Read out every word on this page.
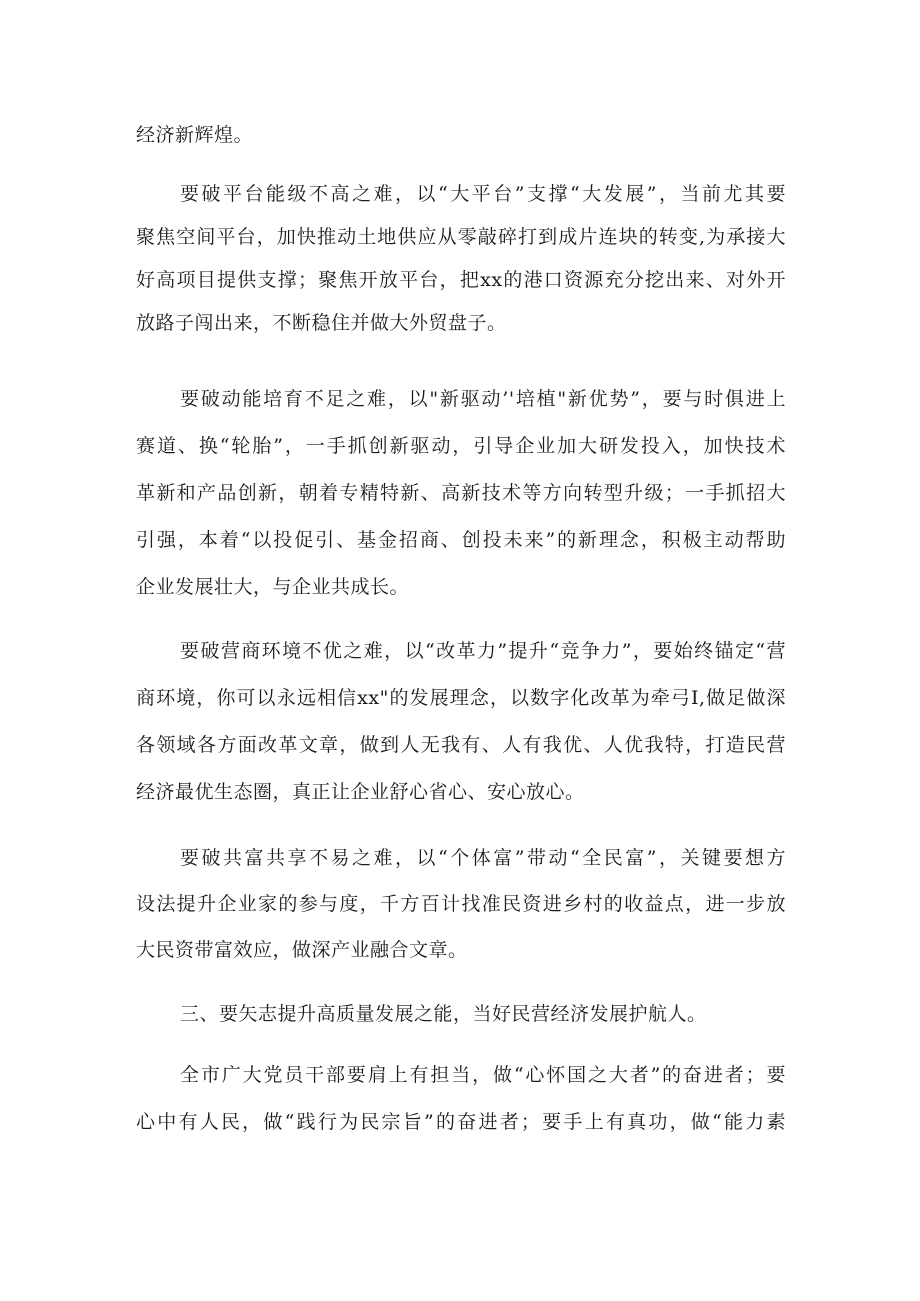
经济新辉煌。
要破平台能级不高之难，以“大平台”支撑“大发展”，当前尤其要
聚焦空间平台，加快推动土地供应从零敲碎打到成片连块的转变,为承接大
好高项目提供支撑；聚焦开放平台，把xx的港口资源充分挖出来、对外开
放路子闯出来，不断稳住并做大外贸盘子。
要破动能培育不足之难，以"新驱动’'培植"新优势”，要与时俱进上
赛道、换“轮胎”，一手抓创新驱动，引导企业加大研发投入，加快技术
革新和产品创新，朝着专精特新、高新技术等方向转型升级；一手抓招大
引强，本着“以投促引、基金招商、创投未来”的新理念，积极主动帮助
企业发展壮大，与企业共成长。
要破营商环境不优之难，以“改革力”提升“竞争力”，要始终锚定“营
商环境，你可以永远相信xx"的发展理念，以数字化改革为牵弓I,做足做深
各领域各方面改革文章，做到人无我有、人有我优、人优我特，打造民营
经济最优生态圈，真正让企业舒心省心、安心放心。
要破共富共享不易之难，以“个体富”带动“全民富”，关键要想方
设法提升企业家的参与度，千方百计找准民资进乡村的收益点，进一步放
大民资带富效应，做深产业融合文章。
三、要矢志提升高质量发展之能，当好民营经济发展护航人。
全市广大党员干部要肩上有担当，做“心怀国之大者”的奋进者；要
心中有人民，做“践行为民宗旨”的奋进者；要手上有真功，做“能力素
